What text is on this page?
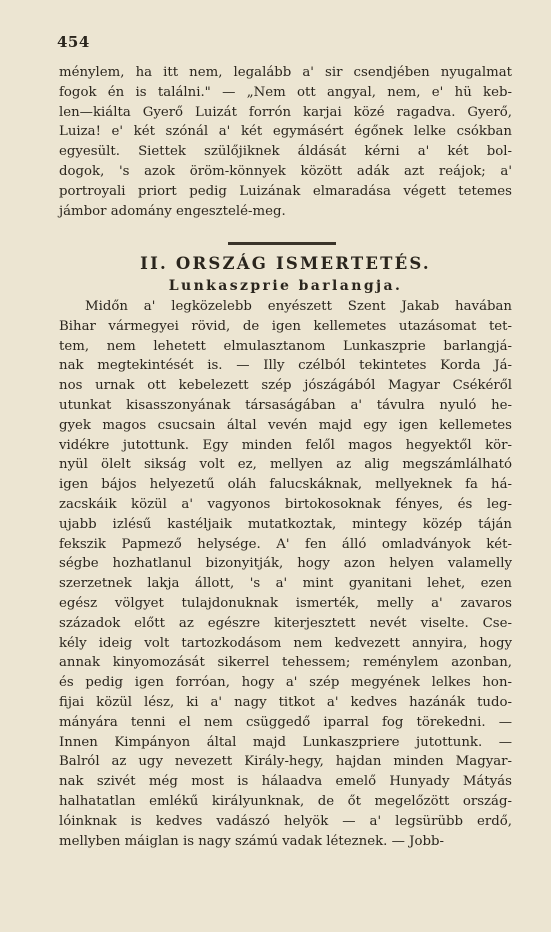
454
ménylem, ha itt nem, legalább a' sir csendjében nyugalmat
fogok én is találni." — „Nem ott angyal, nem, e' hü keb-
len—kiálta Gyerő Luizát forrón karjai közé ragadva. Gyerő,
Luiza! e' két szónál a' két egymásért égőnek lelke csókban
egyesült. Siettek szülőjiknek áldását kérni a' két bol-
dogok, 's azok öröm-könnyek között adák azt reájok; a'
portroyali priort pedig Luizának elmaradása végett tetemes
jámbor adomány engesztelé-meg.
II. ORSZÁG ISMERTETÉS.
Lunkaszprie barlangja.
Midőn a' legközelebb enyészett Szent Jakab havában
Bihar vármegyei rövid, de igen kellemetes utazásomat tet-
tem, nem lehetett elmulasztanom Lunkaszprie barlangjá-
nak megtekintését is. — Illy czélból tekintetes Korda Já-
nos urnak ott kebelezett szép jószágából Magyar Csékéről
utunkat kisasszonyának társaságában a' távulra nyuló he-
gyek magos csucsain által vevén majd egy igen kellemetes
vidékre jutottunk. Egy minden felől magos hegyektől kör-
nyül ölelt sikság volt ez, mellyen az alig megszámlálható
igen bájos helyezetű oláh falucskáknak, mellyeknek fa há-
zacskáik közül a' vagyonos birtokosoknak fényes, és leg-
ujabb izlésű kastéljaik mutatkoztak, mintegy közép táján
fekszik Papmező helysége. A' fen álló omladványok két-
ségbe hozhatlanul bizonyitják, hogy azon helyen valamelly
szerzetnek lakja állott, 's a' mint gyanitani lehet, ezen
egész völgyet tulajdonuknak ismerték, melly a' zavaros
századok előtt az egészre kiterjesztett nevét viselte. Cse-
kély ideig volt tartozkodásom nem kedvezett annyira, hogy
annak kinyomozását sikerrel tehessem; reménylem azonban,
és pedig igen forróan, hogy a' szép megyének lelkes hon-
fijai közül lész, ki a' nagy titkot a' kedves hazánák tudo-
mányára tenni el nem csüggedő iparral fog törekedni. —
Innen Kimpányon által majd Lunkaszpriere jutottunk. —
Balról az ugy nevezett Király-hegy, hajdan minden Magyar-
nak szivét még most is hálaadva emelő Hunyady Mátyás
halhatatlan emlékű királyunknak, de őt megelőzött ország-
lóinknak is kedves vadászó helyök — a' legsürübb erdő,
mellyben máiglan is nagy számú vadak léteznek. — Jobb-
